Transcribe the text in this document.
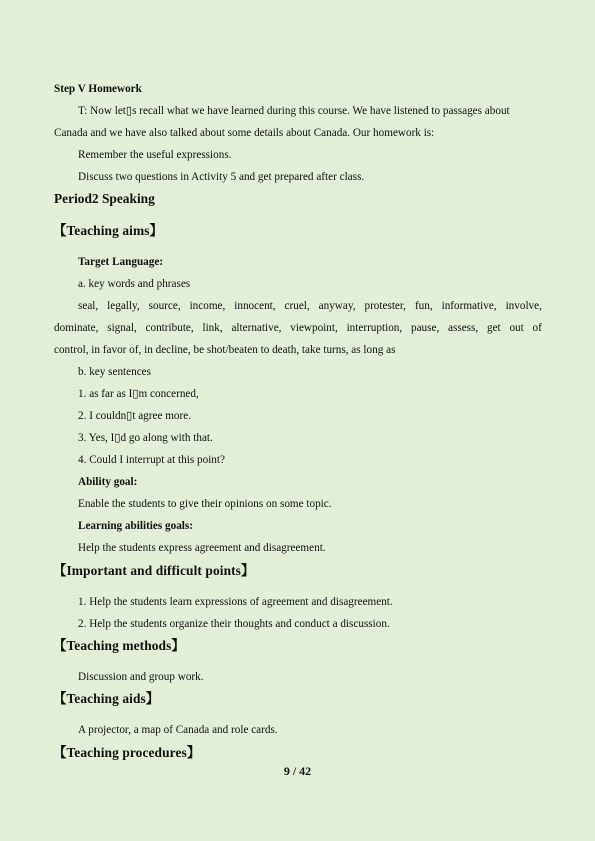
Step V Homework
T: Now let▯s recall what we have learned during this course. We have listened to passages about
Canada and we have also talked about some details about Canada. Our homework is:
Remember the useful expressions.
Discuss two questions in Activity 5 and get prepared after class.
Period2 Speaking
【Teaching aims】
Target Language:
a. key words and phrases
seal, legally, source, income, innocent, cruel, anyway, protester, fun, informative, involve,
dominate, signal, contribute, link, alternative, viewpoint, interruption, pause, assess, get out of
control, in favor of, in decline, be shot/beaten to death, take turns, as long as
b. key sentences
1. as far as I▯m concerned,
2. I couldn▯t agree more.
3. Yes, I▯d go along with that.
4. Could I interrupt at this point?
Ability goal:
Enable the students to give their opinions on some topic.
Learning abilities goals:
Help the students express agreement and disagreement.
【Important and difficult points】
1. Help the students learn expressions of agreement and disagreement.
2. Help the students organize their thoughts and conduct a discussion.
【Teaching methods】
Discussion and group work.
【Teaching aids】
A projector, a map of Canada and role cards.
【Teaching procedures】
9 / 42
